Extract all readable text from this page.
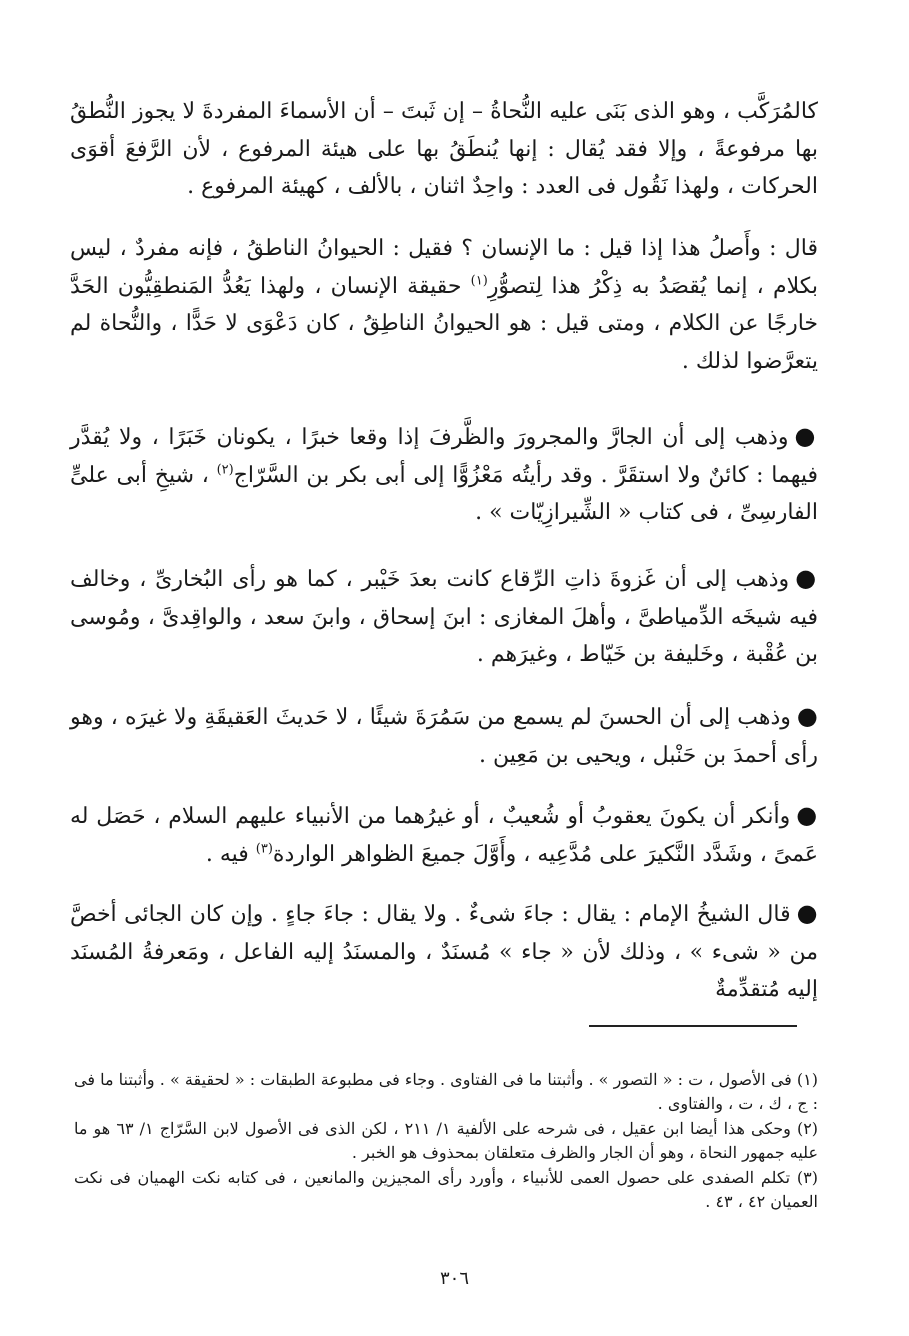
كالمُرَكَّب ، وهو الذى بَنَى عليه النُّحاةُ – إن ثَبتَ – أن الأسماءَ المفردةَ لا يجوز النُّطقُ بها مرفوعةً ، وإلا فقد يُقال : إنها يُنطَقُ بها على هيئة المرفوع ، لأن الرَّفعَ أقوَى الحركات ، ولهذا نَقُول فى العدد : واحِدٌ اثنان ، بالألف ، كهيئة المرفوع .

قال : وأَصلُ هذا إذا قيل : ما الإنسان ؟ فقيل : الحيوانُ الناطقُ ، فإنه مفردٌ ، ليس بكلام ، إنما يُقصَدُ به ذِكْرُ هذا لِتصوُّرِ$^{(١)}$ حقيقة الإنسان ، ولهذا يَعُدُّ المَنطقِيُّون الحَدَّ خارجًا عن الكلام ، ومتى قيل : هو الحيوانُ الناطِقُ ، كان دَعْوَى لا حَدًّا ، والنُّحاة لم يتعرَّضوا لذلك .

●وذهب إلى أن الجارَّ والمجرورَ والظَّرفَ إذا وقعا خبرًا ، يكونان خَبَرًا ، ولا يُقدَّر فيهما : كائنٌ ولا استقَرَّ . وقد رأيتُه مَعْزُوًّا إلى أبى بكر بن السَّرّاج$^{(٢)}$ ، شيخِ أبى علىٍّ الفارسِىِّ ، فى كتاب « الشِّيرازِيّات » .

●وذهب إلى أن غَزوةَ ذاتِ الرِّقاع كانت بعدَ خَيْبر ، كما هو رأى البُخارىِّ ، وخالف فيه شيخَه الدِّمياطىَّ ، وأهلَ المغازى : ابنَ إسحاق ، وابنَ سعد ، والواقِدىَّ ، ومُوسى بن عُقْبة ، وخَليفة بن خَيّاط ، وغيرَهم .

●وذهب إلى أن الحسنَ لم يسمع من سَمُرَةَ شيئًا ، لا حَديثَ العَقيقَةِ ولا غيرَه ، وهو رأى أحمدَ بن حَنْبل ، ويحيى بن مَعِين .

●وأنكر أن يكونَ يعقوبُ أو شُعيبٌ ، أو غيرُهما من الأنبياء عليهم السلام ، حَصَل له عَمىً ، وشَدَّد النَّكيرَ على مُدَّعِيه ، وأَوَّلَ جميعَ الظواهر الواردة$^{(٣)}$ فيه .

●قال الشيخُ الإمام : يقال : جاءَ شىءٌ . ولا يقال : جاءَ جاءٍ . وإن كان الجائى أخصَّ من « شىء » ، وذلك لأن « جاء » مُسنَدٌ ، والمسنَدُ إليه الفاعل ، ومَعرفةُ المُسنَد إليه مُتقدِّمةٌ

(١) فى الأصول ، ت : « التصور » . وأثبتنا ما فى الفتاوى . وجاء فى مطبوعة الطبقات : « لحقيقة » . وأثبتنا ما فى : ج ، ك ، ت ، والفتاوى .

(٢) وحكى هذا أيضا ابن عقيل ، فى شرحه على الألفية ١/ ٢١١ ، لكن الذى فى الأصول لابن السَّرّاج ١/ ٦٣ هو ما عليه جمهور النحاة ، وهو أن الجار والظرف متعلقان بمحذوف هو الخبر .

(٣) تكلم الصفدى على حصول العمى للأنبياء ، وأورد رأى المجيزين والمانعين ، فى كتابه نكت الهميان فى نكت العميان ٤٢ ، ٤٣ .

٣٠٦
